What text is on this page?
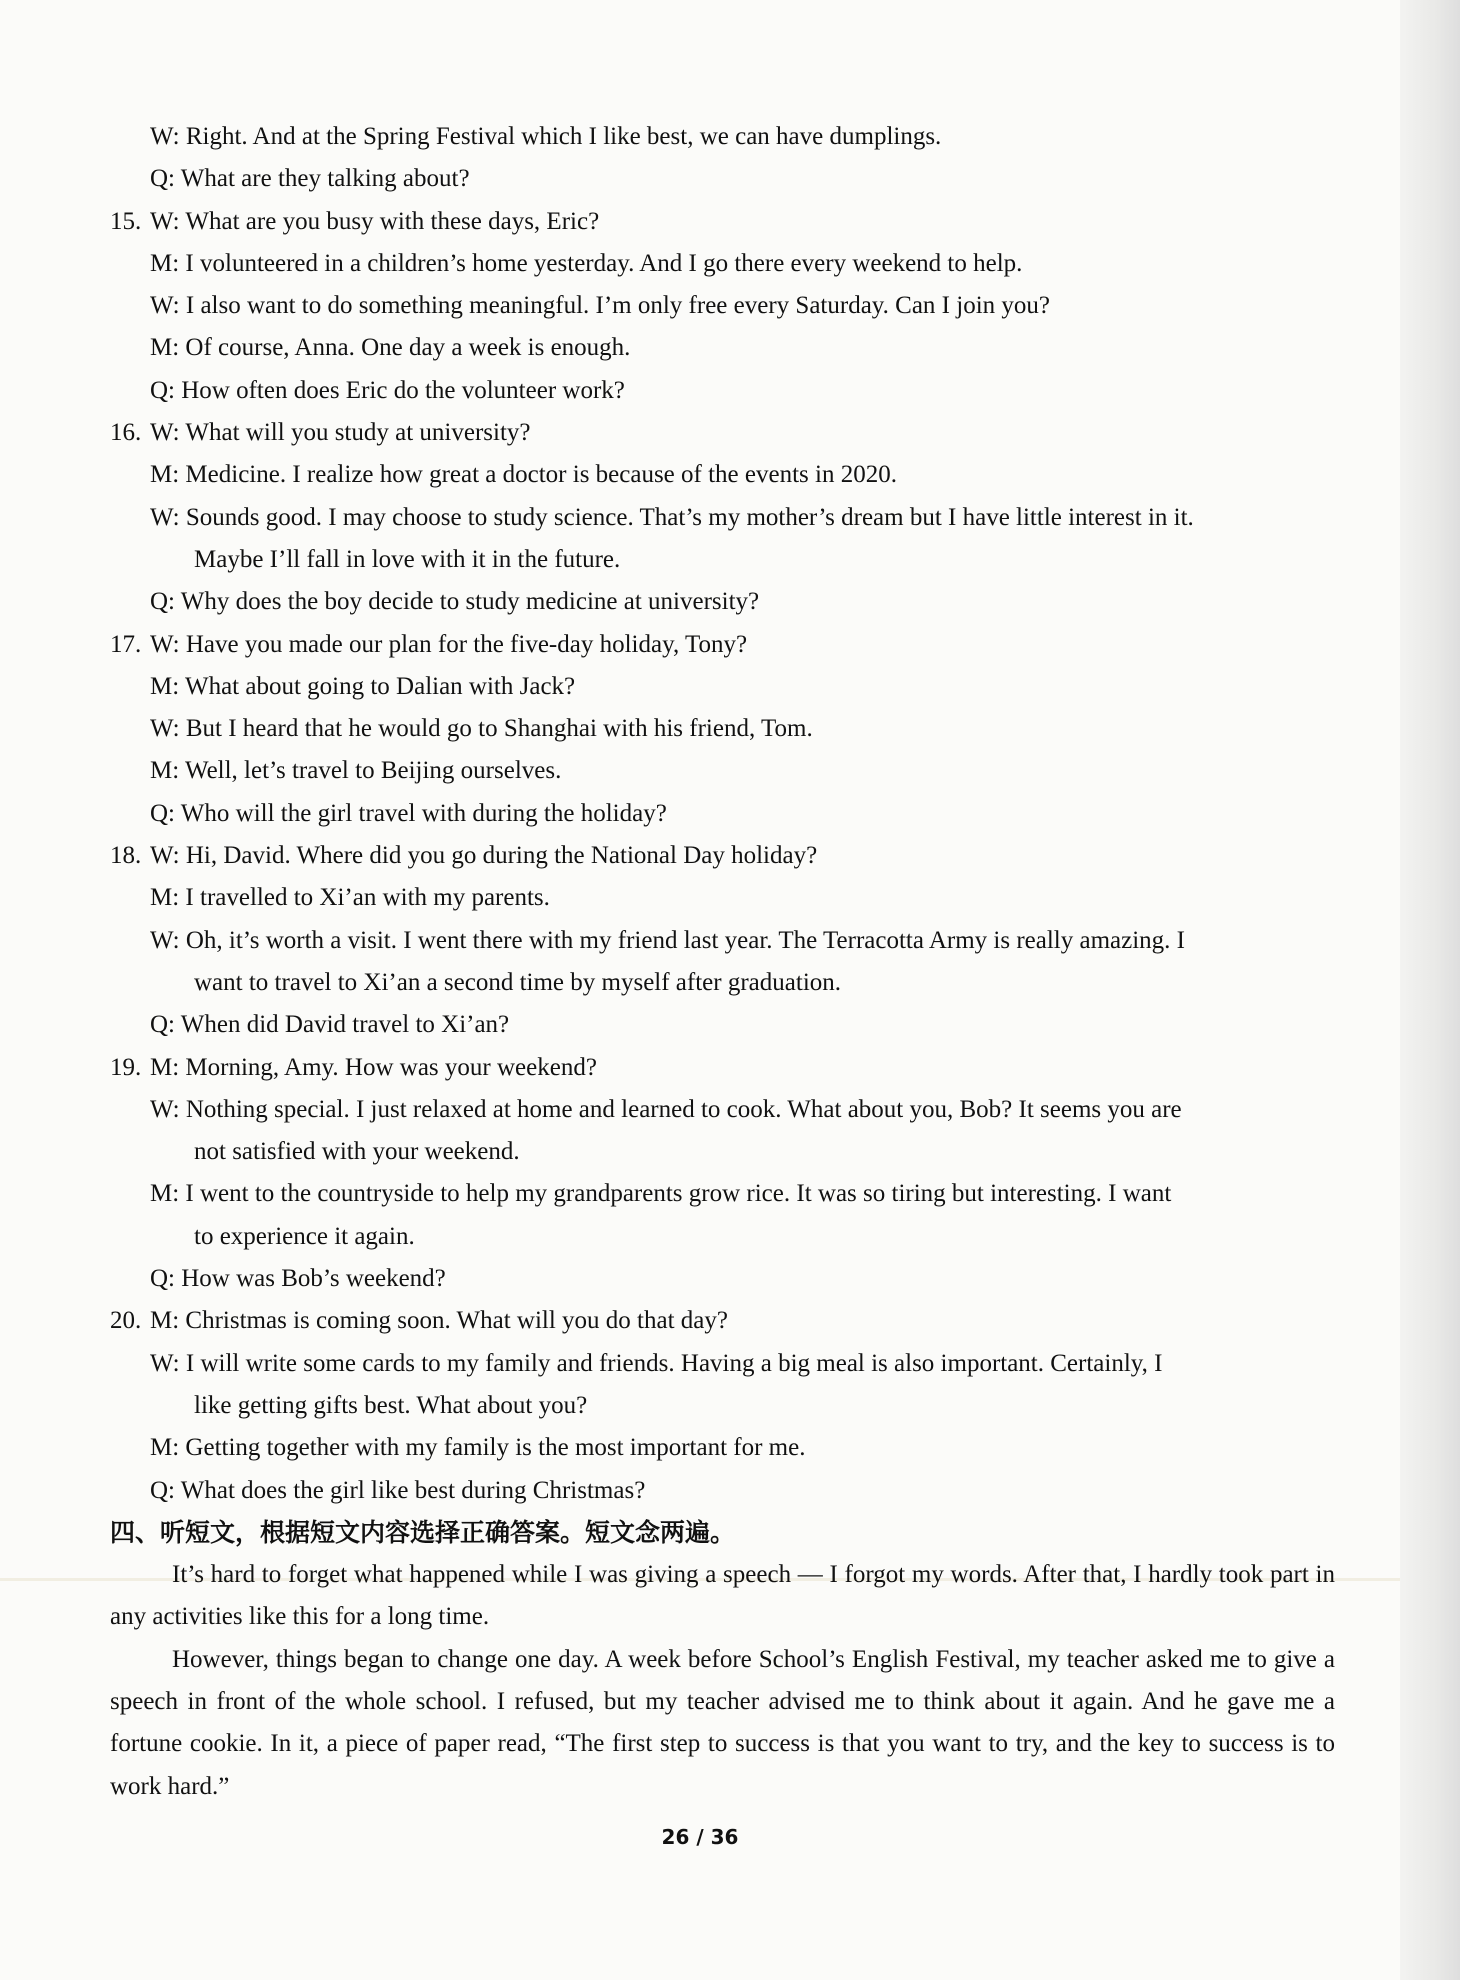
W: Right. And at the Spring Festival which I like best, we can have dumplings.
Q: What are they talking about?
15. W: What are you busy with these days, Eric?
M: I volunteered in a children’s home yesterday. And I go there every weekend to help.
W: I also want to do something meaningful. I’m only free every Saturday. Can I join you?
M: Of course, Anna. One day a week is enough.
Q: How often does Eric do the volunteer work?
16. W: What will you study at university?
M: Medicine. I realize how great a doctor is because of the events in 2020.
W: Sounds good. I may choose to study science. That’s my mother’s dream but I have little interest in it.
Maybe I’ll fall in love with it in the future.
Q: Why does the boy decide to study medicine at university?
17. W: Have you made our plan for the five-day holiday, Tony?
M: What about going to Dalian with Jack?
W: But I heard that he would go to Shanghai with his friend, Tom.
M: Well, let’s travel to Beijing ourselves.
Q: Who will the girl travel with during the holiday?
18. W: Hi, David. Where did you go during the National Day holiday?
M: I travelled to Xi’an with my parents.
W: Oh, it’s worth a visit. I went there with my friend last year. The Terracotta Army is really amazing. I
want to travel to Xi’an a second time by myself after graduation.
Q: When did David travel to Xi’an?
19. M: Morning, Amy. How was your weekend?
W: Nothing special. I just relaxed at home and learned to cook. What about you, Bob? It seems you are
not satisfied with your weekend.
M: I went to the countryside to help my grandparents grow rice. It was so tiring but interesting. I want
to experience it again.
Q: How was Bob’s weekend?
20. M: Christmas is coming soon. What will you do that day?
W: I will write some cards to my family and friends. Having a big meal is also important. Certainly, I
like getting gifts best. What about you?
M: Getting together with my family is the most important for me.
Q: What does the girl like best during Christmas?
四、听短文，根据短文内容选择正确答案。短文念两遍。
It’s hard to forget what happened while I was giving a speech — I forgot my words. After that, I hardly took part in any activities like this for a long time.
However, things began to change one day. A week before School’s English Festival, my teacher asked me to give a speech in front of the whole school. I refused, but my teacher advised me to think about it again. And he gave me a fortune cookie. In it, a piece of paper read, “The first step to success is that you want to try, and the key to success is to work hard.”
26 / 36
